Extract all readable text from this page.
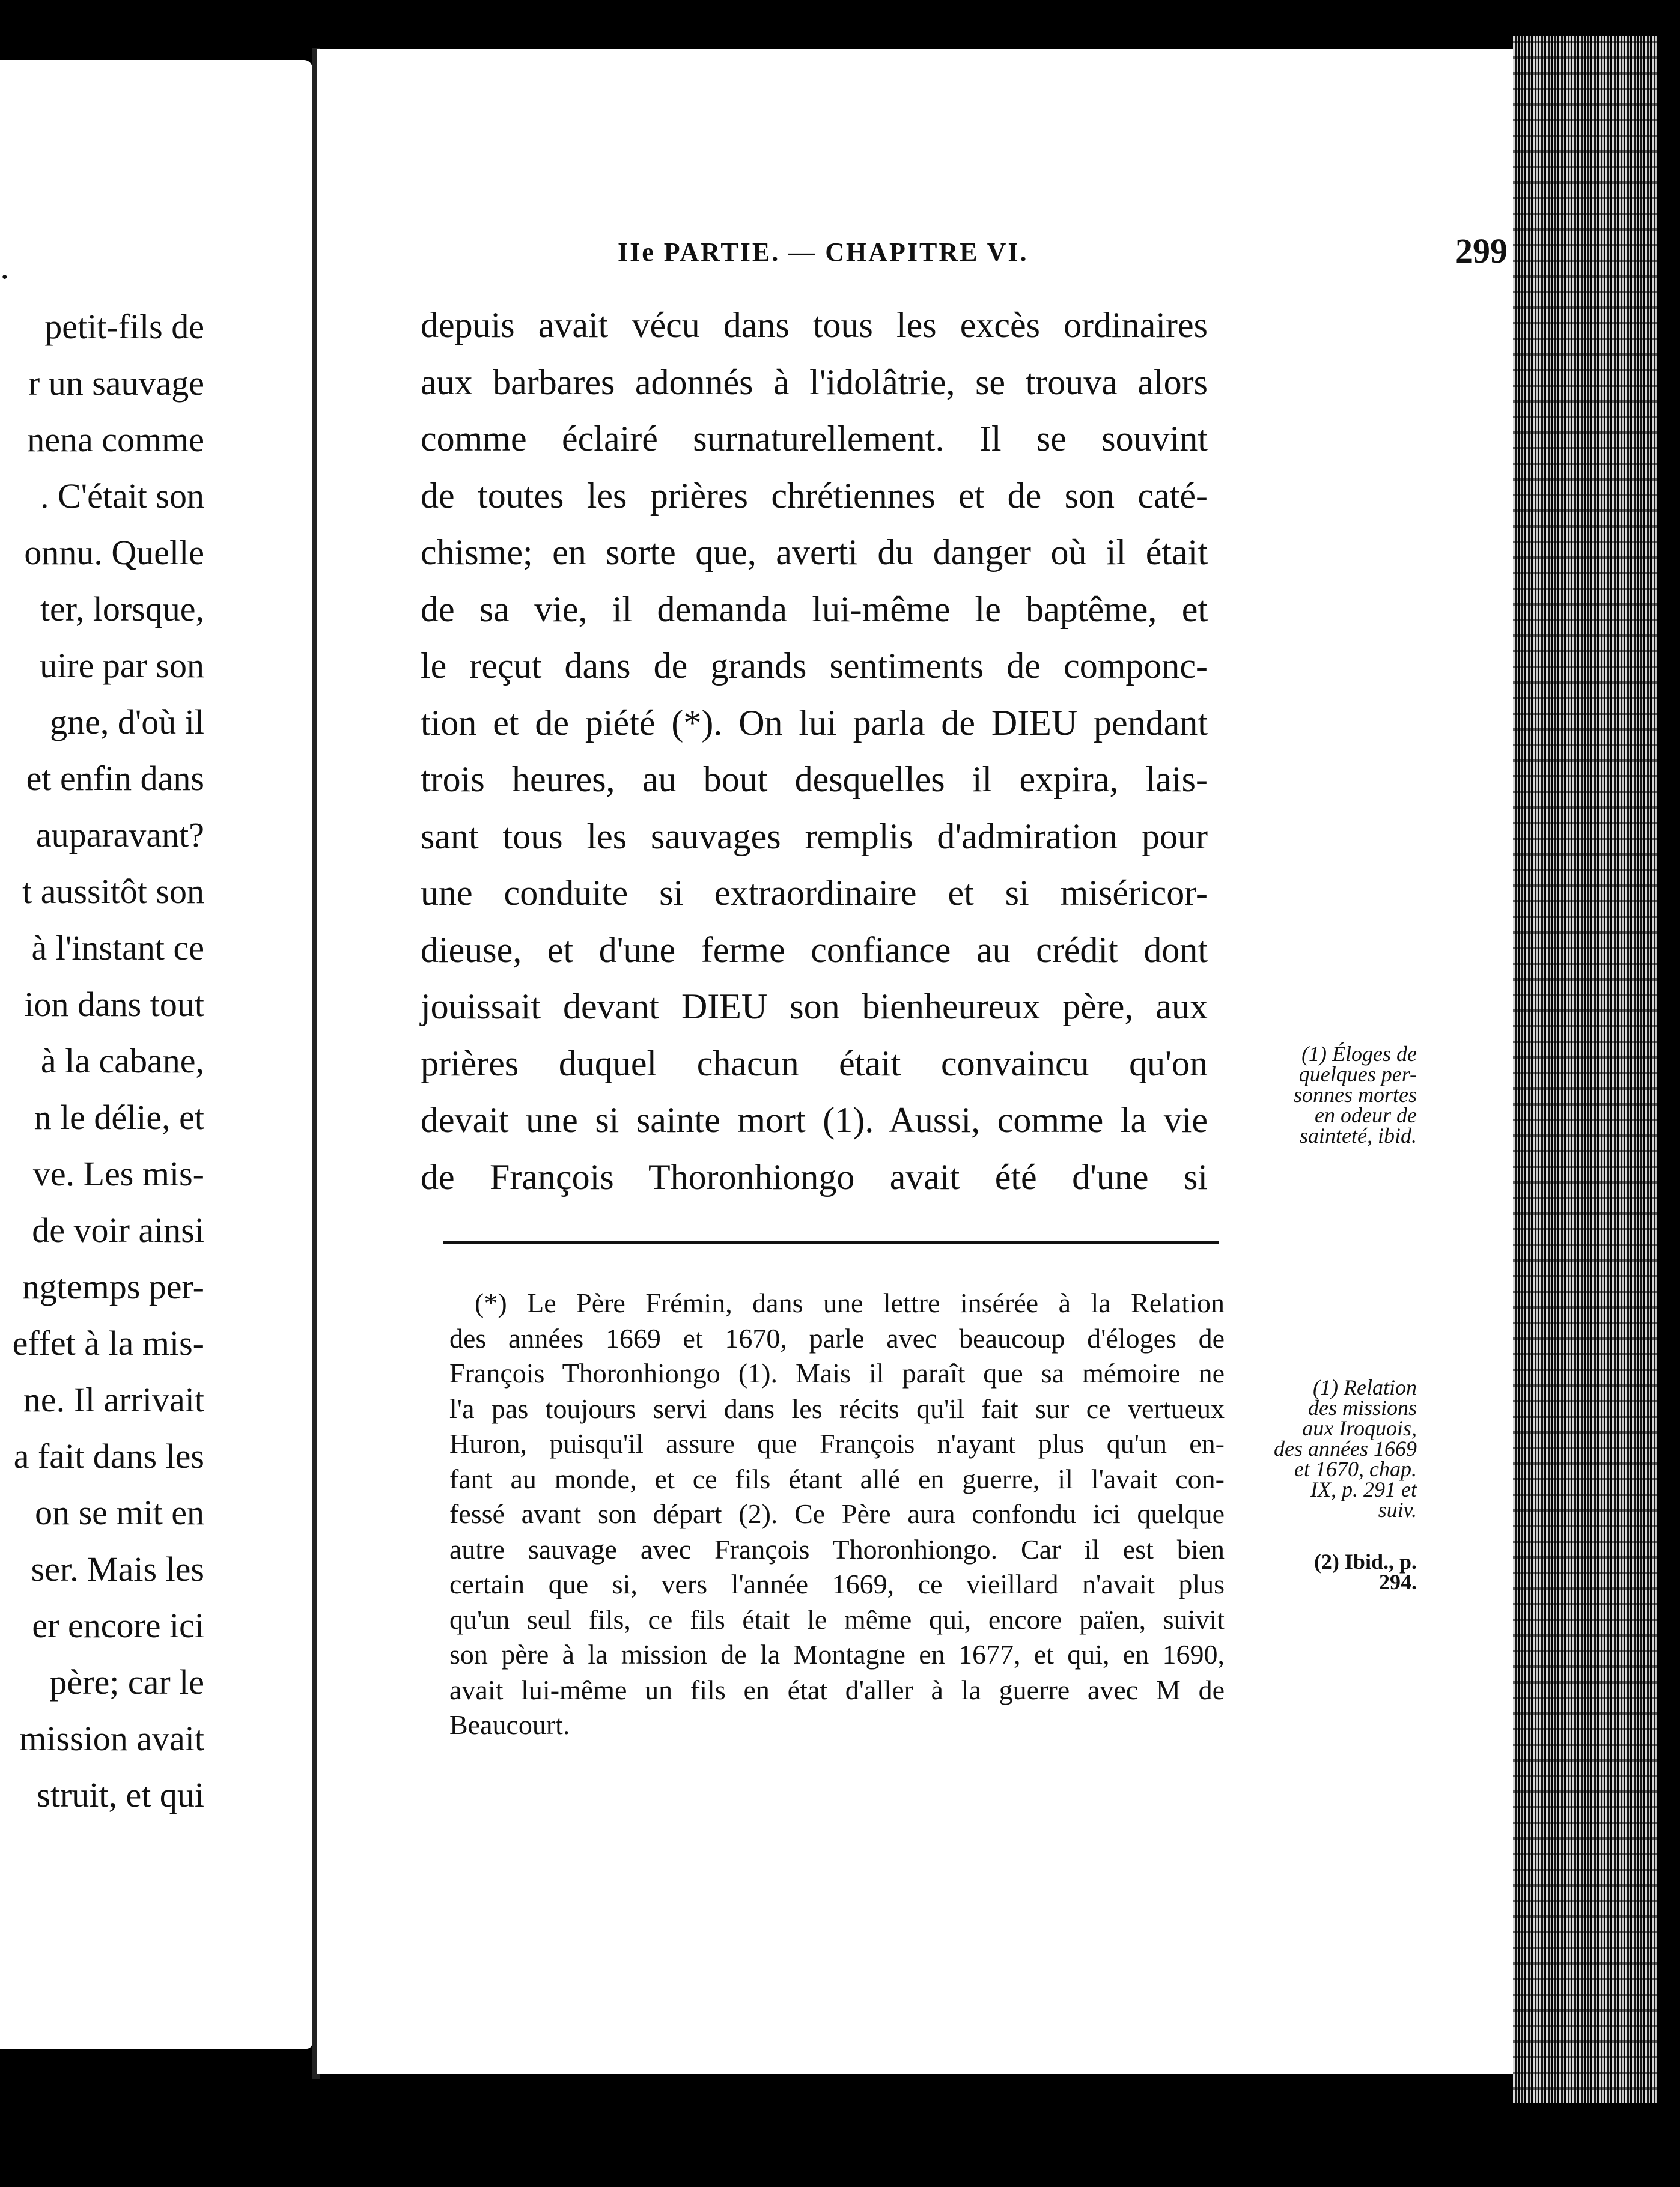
.
petit-fils de
r un sauvage
nena comme
. C'était son
onnu. Quelle
ter, lorsque,
uire par son
gne, d'où il
et enfin dans
auparavant?
t aussitôt son
à l'instant ce
ion dans tout
à la cabane,
n le délie, et
ve. Les mis-
de voir ainsi
ngtemps per-
effet à la mis-
ne. Il arrivait
a fait dans les
on se mit en
ser. Mais les
er encore ici
père; car le
mission avait
struit, et qui
IIe PARTIE. — CHAPITRE VI.	299
depuis avait vécu dans tous les excès ordinaires
aux barbares adonnés à l'idolâtrie, se trouva alors
comme éclairé surnaturellement. Il se souvint
de toutes les prières chrétiennes et de son caté-
chisme; en sorte que, averti du danger où il était
de sa vie, il demanda lui-même le baptême, et
le reçut dans de grands sentiments de componc-
tion et de piété (*). On lui parla de DIEU pendant
trois heures, au bout desquelles il expira, lais-
sant tous les sauvages remplis d'admiration pour
une conduite si extraordinaire et si miséricor-
dieuse, et d'une ferme confiance au crédit dont
jouissait devant DIEU son bienheureux père, aux
prières duquel chacun était convaincu qu'on
devait une si sainte mort (1). Aussi, comme la vie
de François Thoronhiongo avait été d'une si
(*) Le Père Frémin, dans une lettre insérée à la Relation
des années 1669 et 1670, parle avec beaucoup d'éloges de
François Thoronhiongo (1). Mais il paraît que sa mémoire ne
l'a pas toujours servi dans les récits qu'il fait sur ce vertueux
Huron, puisqu'il assure que François n'ayant plus qu'un en-
fant au monde, et ce fils étant allé en guerre, il l'avait con-
fessé avant son départ (2). Ce Père aura confondu ici quelque
autre sauvage avec François Thoronhiongo. Car il est bien
certain que si, vers l'année 1669, ce vieillard n'avait plus
qu'un seul fils, ce fils était le même qui, encore païen, suivit
son père à la mission de la Montagne en 1677, et qui, en 1690,
avait lui-même un fils en état d'aller à la guerre avec M de
Beaucourt.
(1) Éloges de
quelques per-
sonnes mortes
en odeur de
sainteté, ibid.
(1) Relation
des missions
aux Iroquois,
des années 1669
et 1670, chap.
IX, p. 291 et
suiv.
(2) Ibid., p.
294.
